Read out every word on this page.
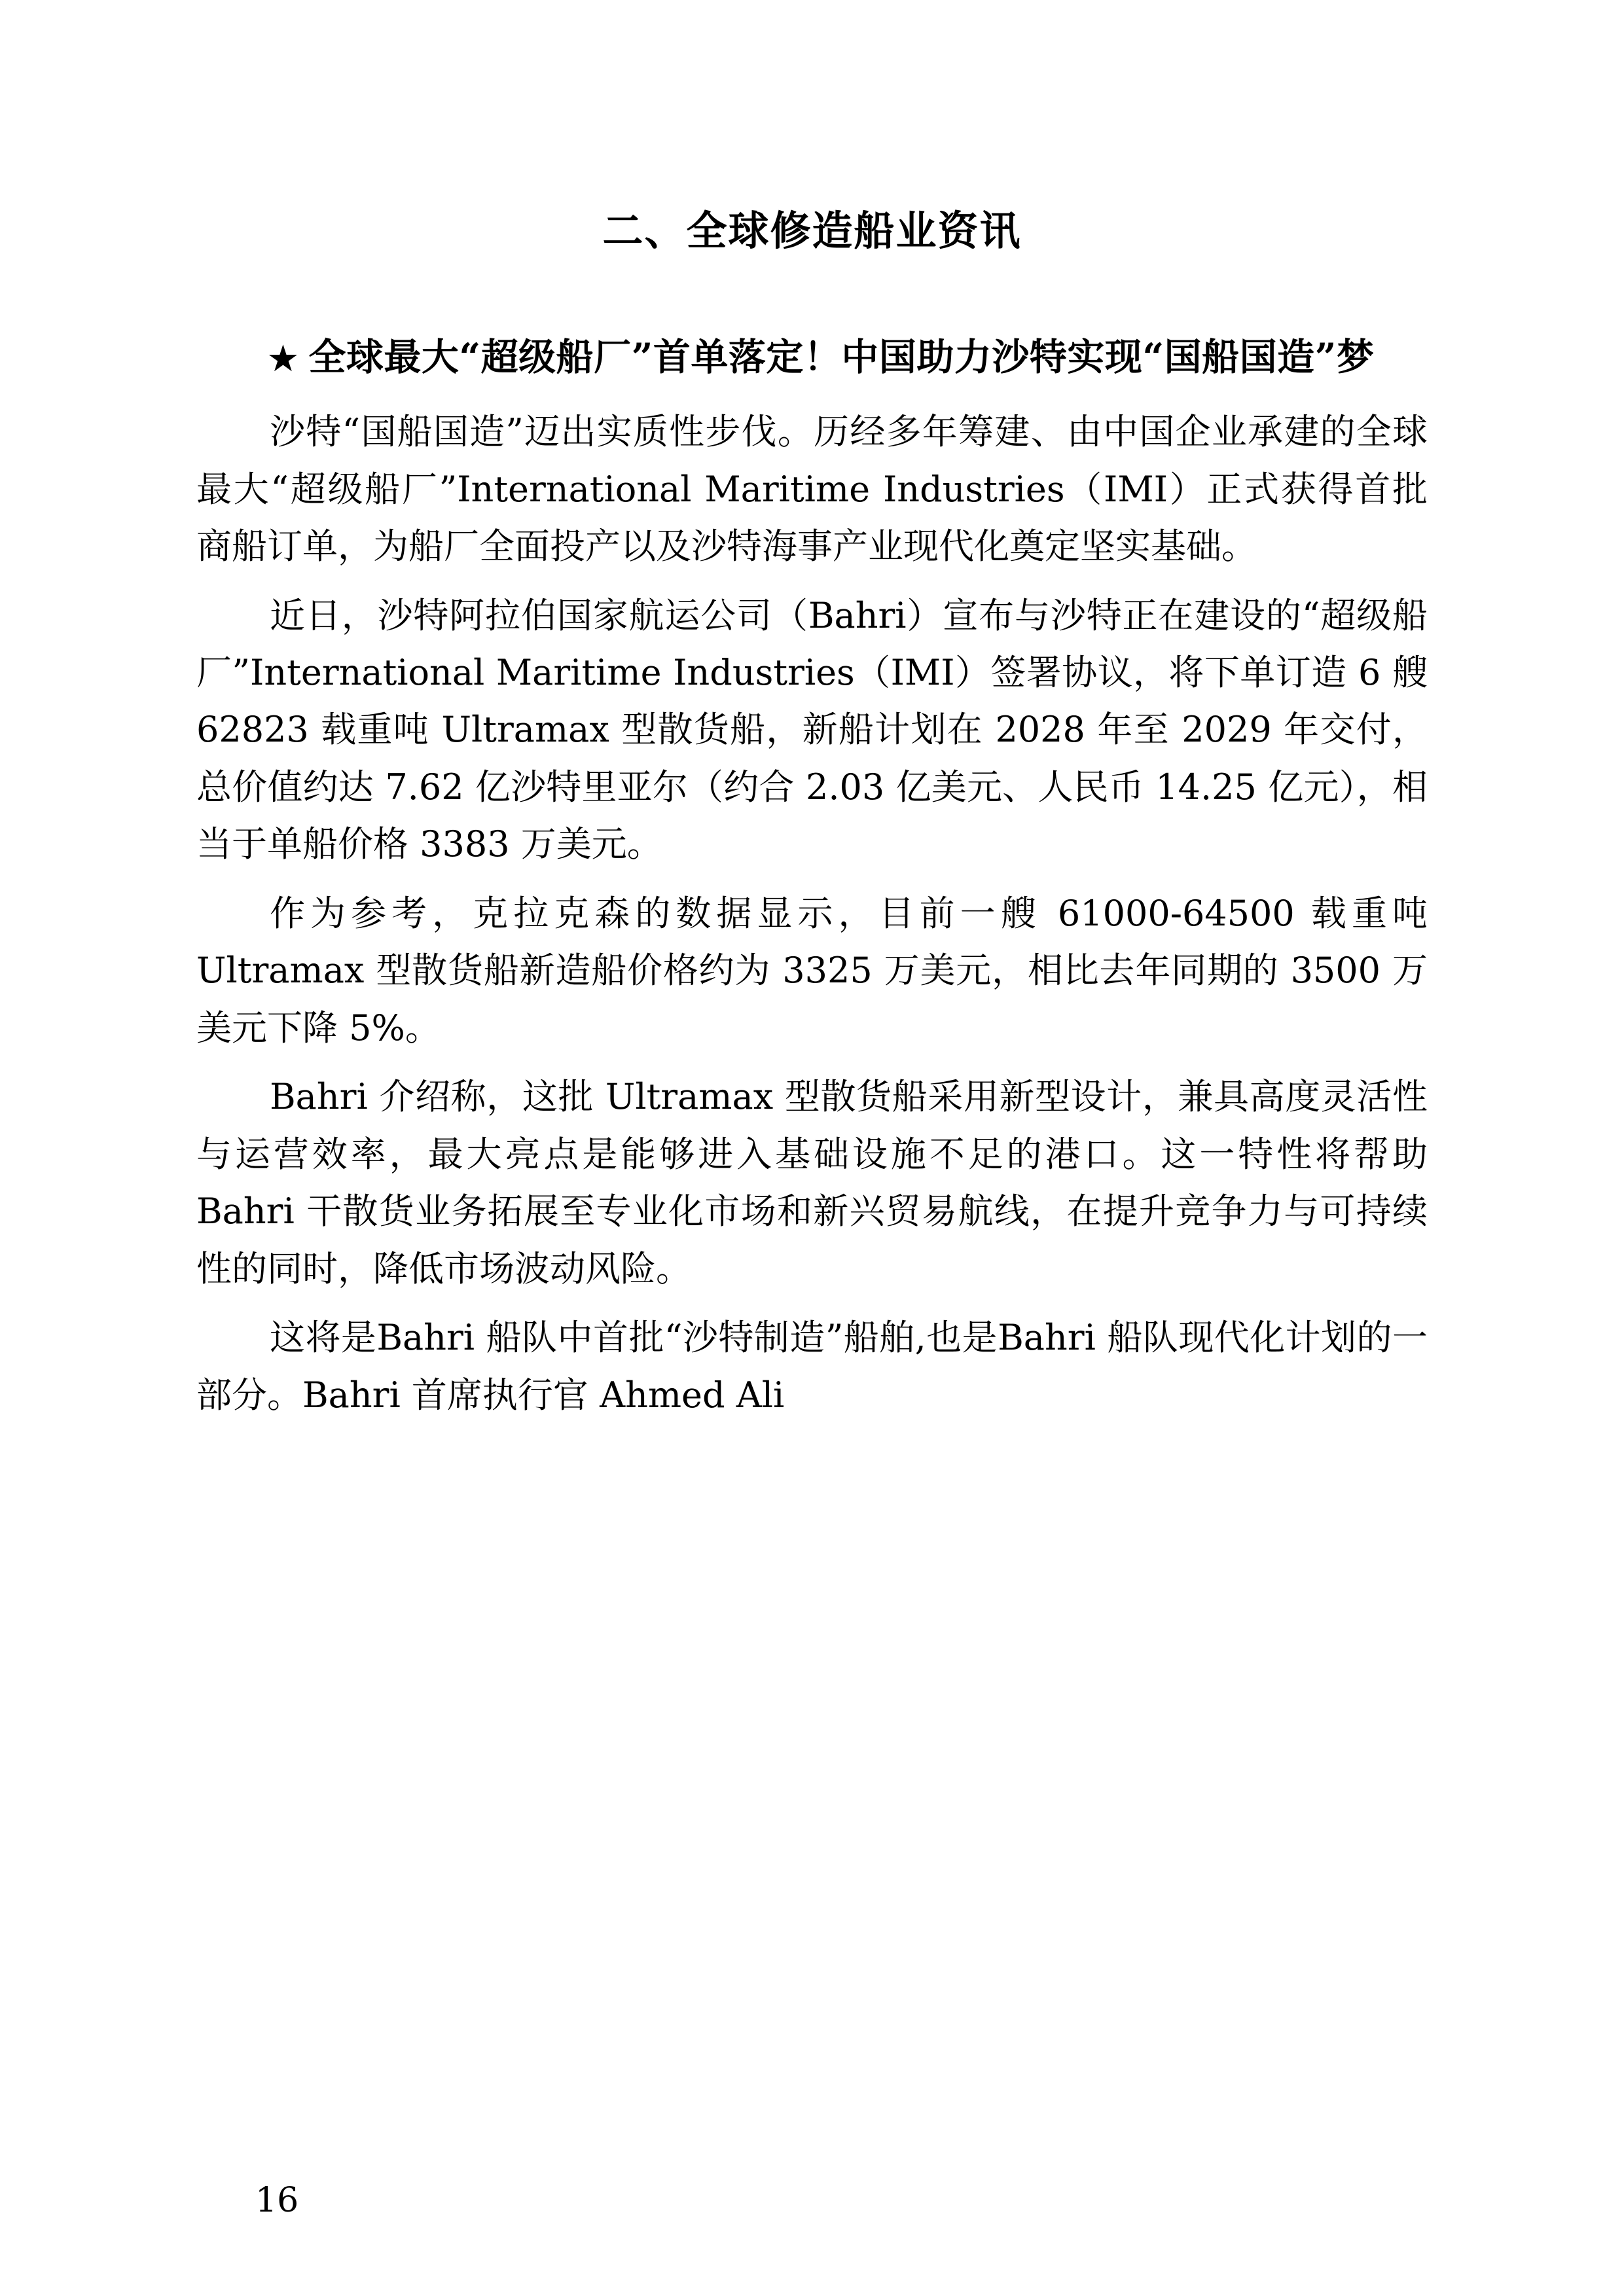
二、全球修造船业资讯
★ 全球最大“超级船厂”首单落定！中国助力沙特实现“国船国造”梦

沙特“国船国造”迈出实质性步伐。历经多年筹建、由中国企业承建的全球最大“超级船厂”International Maritime Industries（IMI）正式获得首批商船订单，为船厂全面投产以及沙特海事产业现代化奠定坚实基础。

近日，沙特阿拉伯国家航运公司（Bahri）宣布与沙特正在建设的“超级船厂”International Maritime Industries（IMI）签署协议，将下单订造 6 艘 62823 载重吨 Ultramax 型散货船，新船计划在 2028 年至 2029 年交付，总价值约达 7.62 亿沙特里亚尔（约合 2.03 亿美元、人民币 14.25 亿元），相当于单船价格 3383 万美元。

作为参考，克拉克森的数据显示，目前一艘 61000-64500 载重吨 Ultramax 型散货船新造船价格约为 3325 万美元，相比去年同期的 3500 万美元下降 5%。

Bahri 介绍称，这批 Ultramax 型散货船采用新型设计，兼具高度灵活性与运营效率，最大亮点是能够进入基础设施不足的港口。这一特性将帮助 Bahri 干散货业务拓展至专业化市场和新兴贸易航线，在提升竞争力与可持续性的同时，降低市场波动风险。

这将是Bahri 船队中首批“沙特制造”船舶,也是Bahri 船队现代化计划的一部分。Bahri 首席执行官 Ahmed Ali

16
